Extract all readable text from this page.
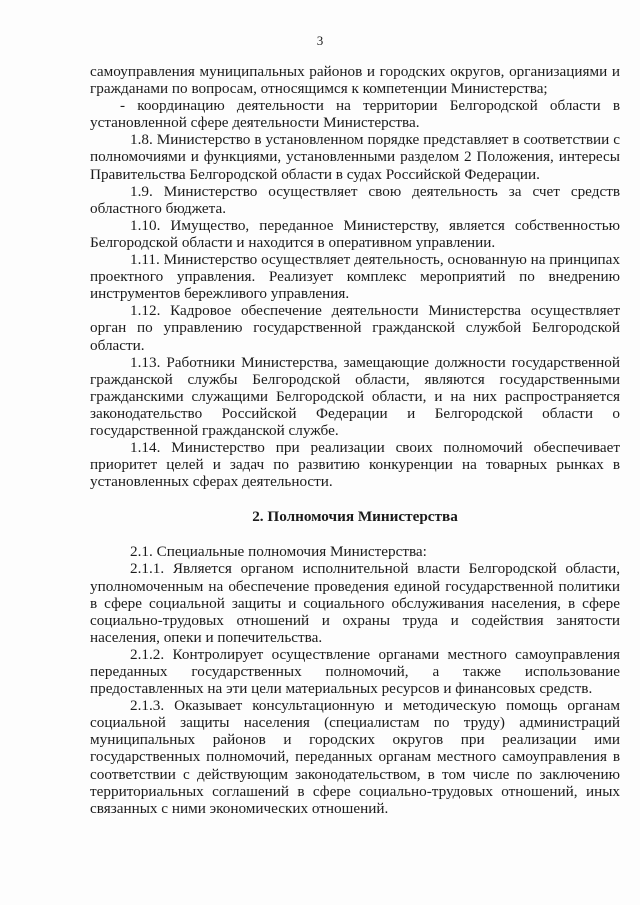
3

самоуправления муниципальных районов и городских округов, организациями и гражданами по вопросам, относящимся к компетенции Министерства;

- координацию деятельности на территории Белгородской области в установленной сфере деятельности Министерства.

1.8. Министерство в установленном порядке представляет в соответствии с полномочиями и функциями, установленными разделом 2 Положения, интересы Правительства Белгородской области в судах Российской Федерации.

1.9. Министерство осуществляет свою деятельность за счет средств областного бюджета.

1.10. Имущество, переданное Министерству, является собственностью Белгородской области и находится в оперативном управлении.

1.11. Министерство осуществляет деятельность, основанную на принципах проектного управления. Реализует комплекс мероприятий по внедрению инструментов бережливого управления.

1.12. Кадровое обеспечение деятельности Министерства осуществляет орган по управлению государственной гражданской службой Белгородской области.

1.13. Работники Министерства, замещающие должности государственной гражданской службы Белгородской области, являются государственными гражданскими служащими Белгородской области, и на них распространяется законодательство Российской Федерации и Белгородской области о государственной гражданской службе.

1.14. Министерство при реализации своих полномочий обеспечивает приоритет целей и задач по развитию конкуренции на товарных рынках в установленных сферах деятельности.

2. Полномочия Министерства

2.1. Специальные полномочия Министерства:

2.1.1. Является органом исполнительной власти Белгородской области, уполномоченным на обеспечение проведения единой государственной политики в сфере социальной защиты и социального обслуживания населения, в сфере социально-трудовых отношений и охраны труда и содействия занятости населения, опеки и попечительства.

2.1.2. Контролирует осуществление органами местного самоуправления переданных государственных полномочий, а также использование предоставленных на эти цели материальных ресурсов и финансовых средств.

2.1.3. Оказывает консультационную и методическую помощь органам социальной защиты населения (специалистам по труду) администраций муниципальных районов и городских округов при реализации ими государственных полномочий, переданных органам местного самоуправления в соответствии с действующим законодательством, в том числе по заключению территориальных соглашений в сфере социально-трудовых отношений, иных связанных с ними экономических отношений.
